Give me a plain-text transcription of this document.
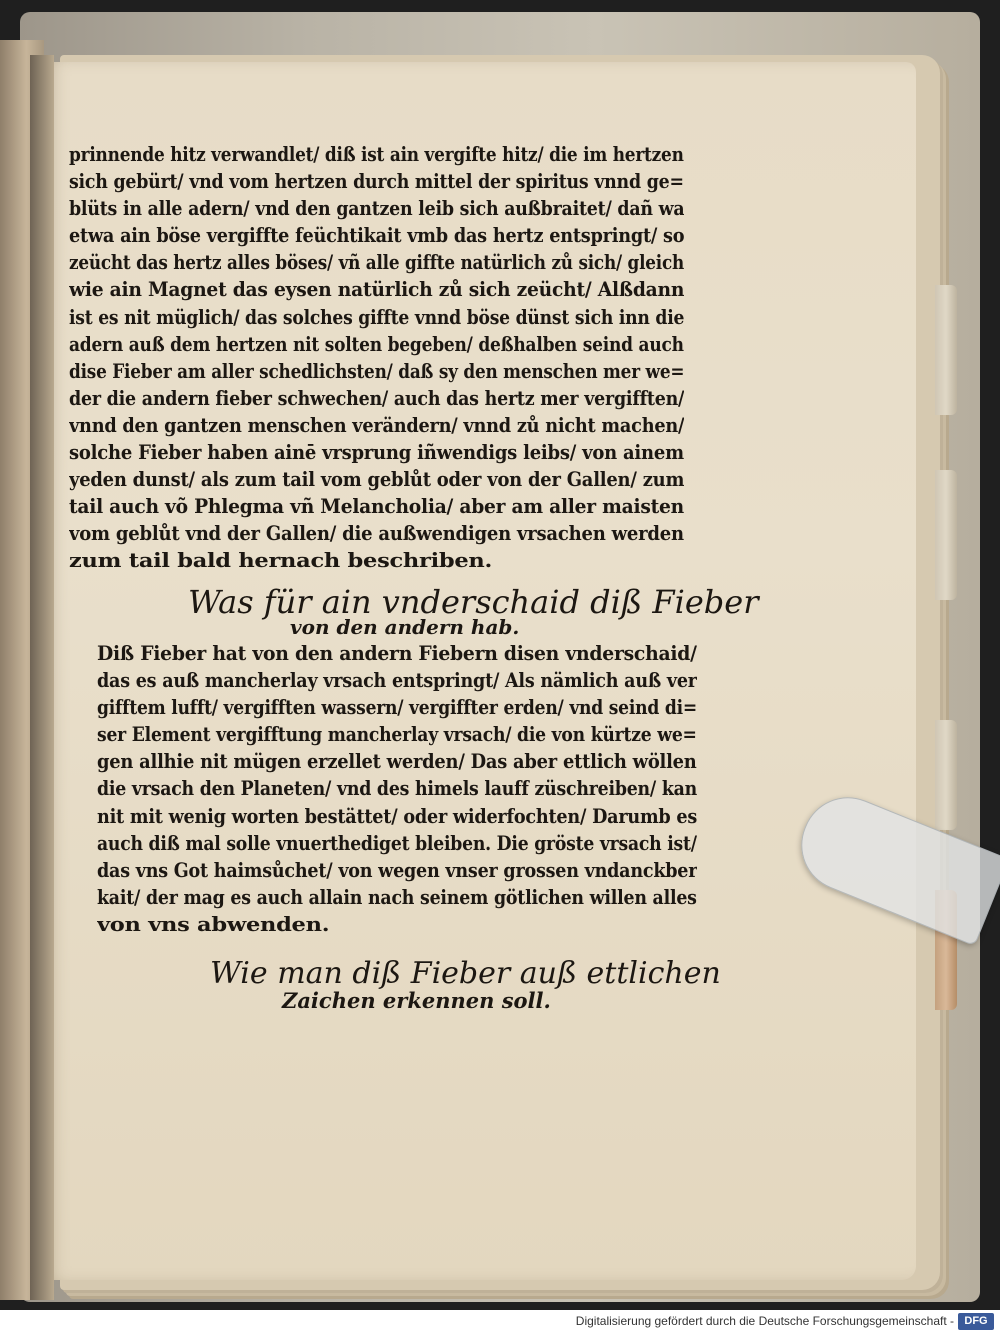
prinnende hitz verwandlet/ diß ist ain vergifte hitz/ die im hertzen
sich gebürt/ vnd vom hertzen durch mittel der spiritus vnnd ge=
blüts in alle adern/ vnd den gantzen leib sich außbraitet/ dañ wa
etwa ain böse vergiffte feüchtikait vmb das hertz entspringt/ so
zeücht das hertz alles böses/ vñ alle giffte natürlich zů sich/ gleich
wie ain Magnet das eysen natürlich zů sich zeücht/ Alßdann
ist es nit müglich/ das solches giffte vnnd böse dünst sich inn die
adern auß dem hertzen nit solten begeben/ deßhalben seind auch
dise Fieber am aller schedlichsten/ daß sy den menschen mer we=
der die andern fieber schwechen/ auch das hertz mer vergifften/
vnnd den gantzen menschen verändern/ vnnd zů nicht machen/
solche Fieber haben ainē vrsprung iñwendigs leibs/ von ainem
yeden dunst/ als zum tail vom geblůt oder von der Gallen/ zum
tail auch võ Phlegma vñ Melancholia/ aber am aller maisten
vom geblůt vnd der Gallen/ die außwendigen vrsachen werden
zum tail bald hernach beschriben.
Was für ain vnderschaid diß Fieber
von den andern hab.
Diß Fieber hat von den andern Fiebern disen vnderschaid/
das es auß mancherlay vrsach entspringt/ Als nämlich auß ver
gifftem lufft/ vergifften wassern/ vergiffter erden/ vnd seind di=
ser Element vergifftung mancherlay vrsach/ die von kürtze we=
gen allhie nit mügen erzellet werden/ Das aber ettlich wöllen
die vrsach den Planeten/ vnd des himels lauff züschreiben/ kan
nit mit wenig worten bestättet/ oder widerfochten/ Darumb es
auch diß mal solle vnuerthediget bleiben. Die gröste vrsach ist/
das vns Got haimsůchet/ von wegen vnser grossen vndanckber
kait/ der mag es auch allain nach seinem götlichen willen alles
von vns abwenden.
Wie man diß Fieber auß ettlichen
Zaichen erkennen soll.
Digitalisierung gefördert durch die Deutsche Forschungsgemeinschaft - DFG
